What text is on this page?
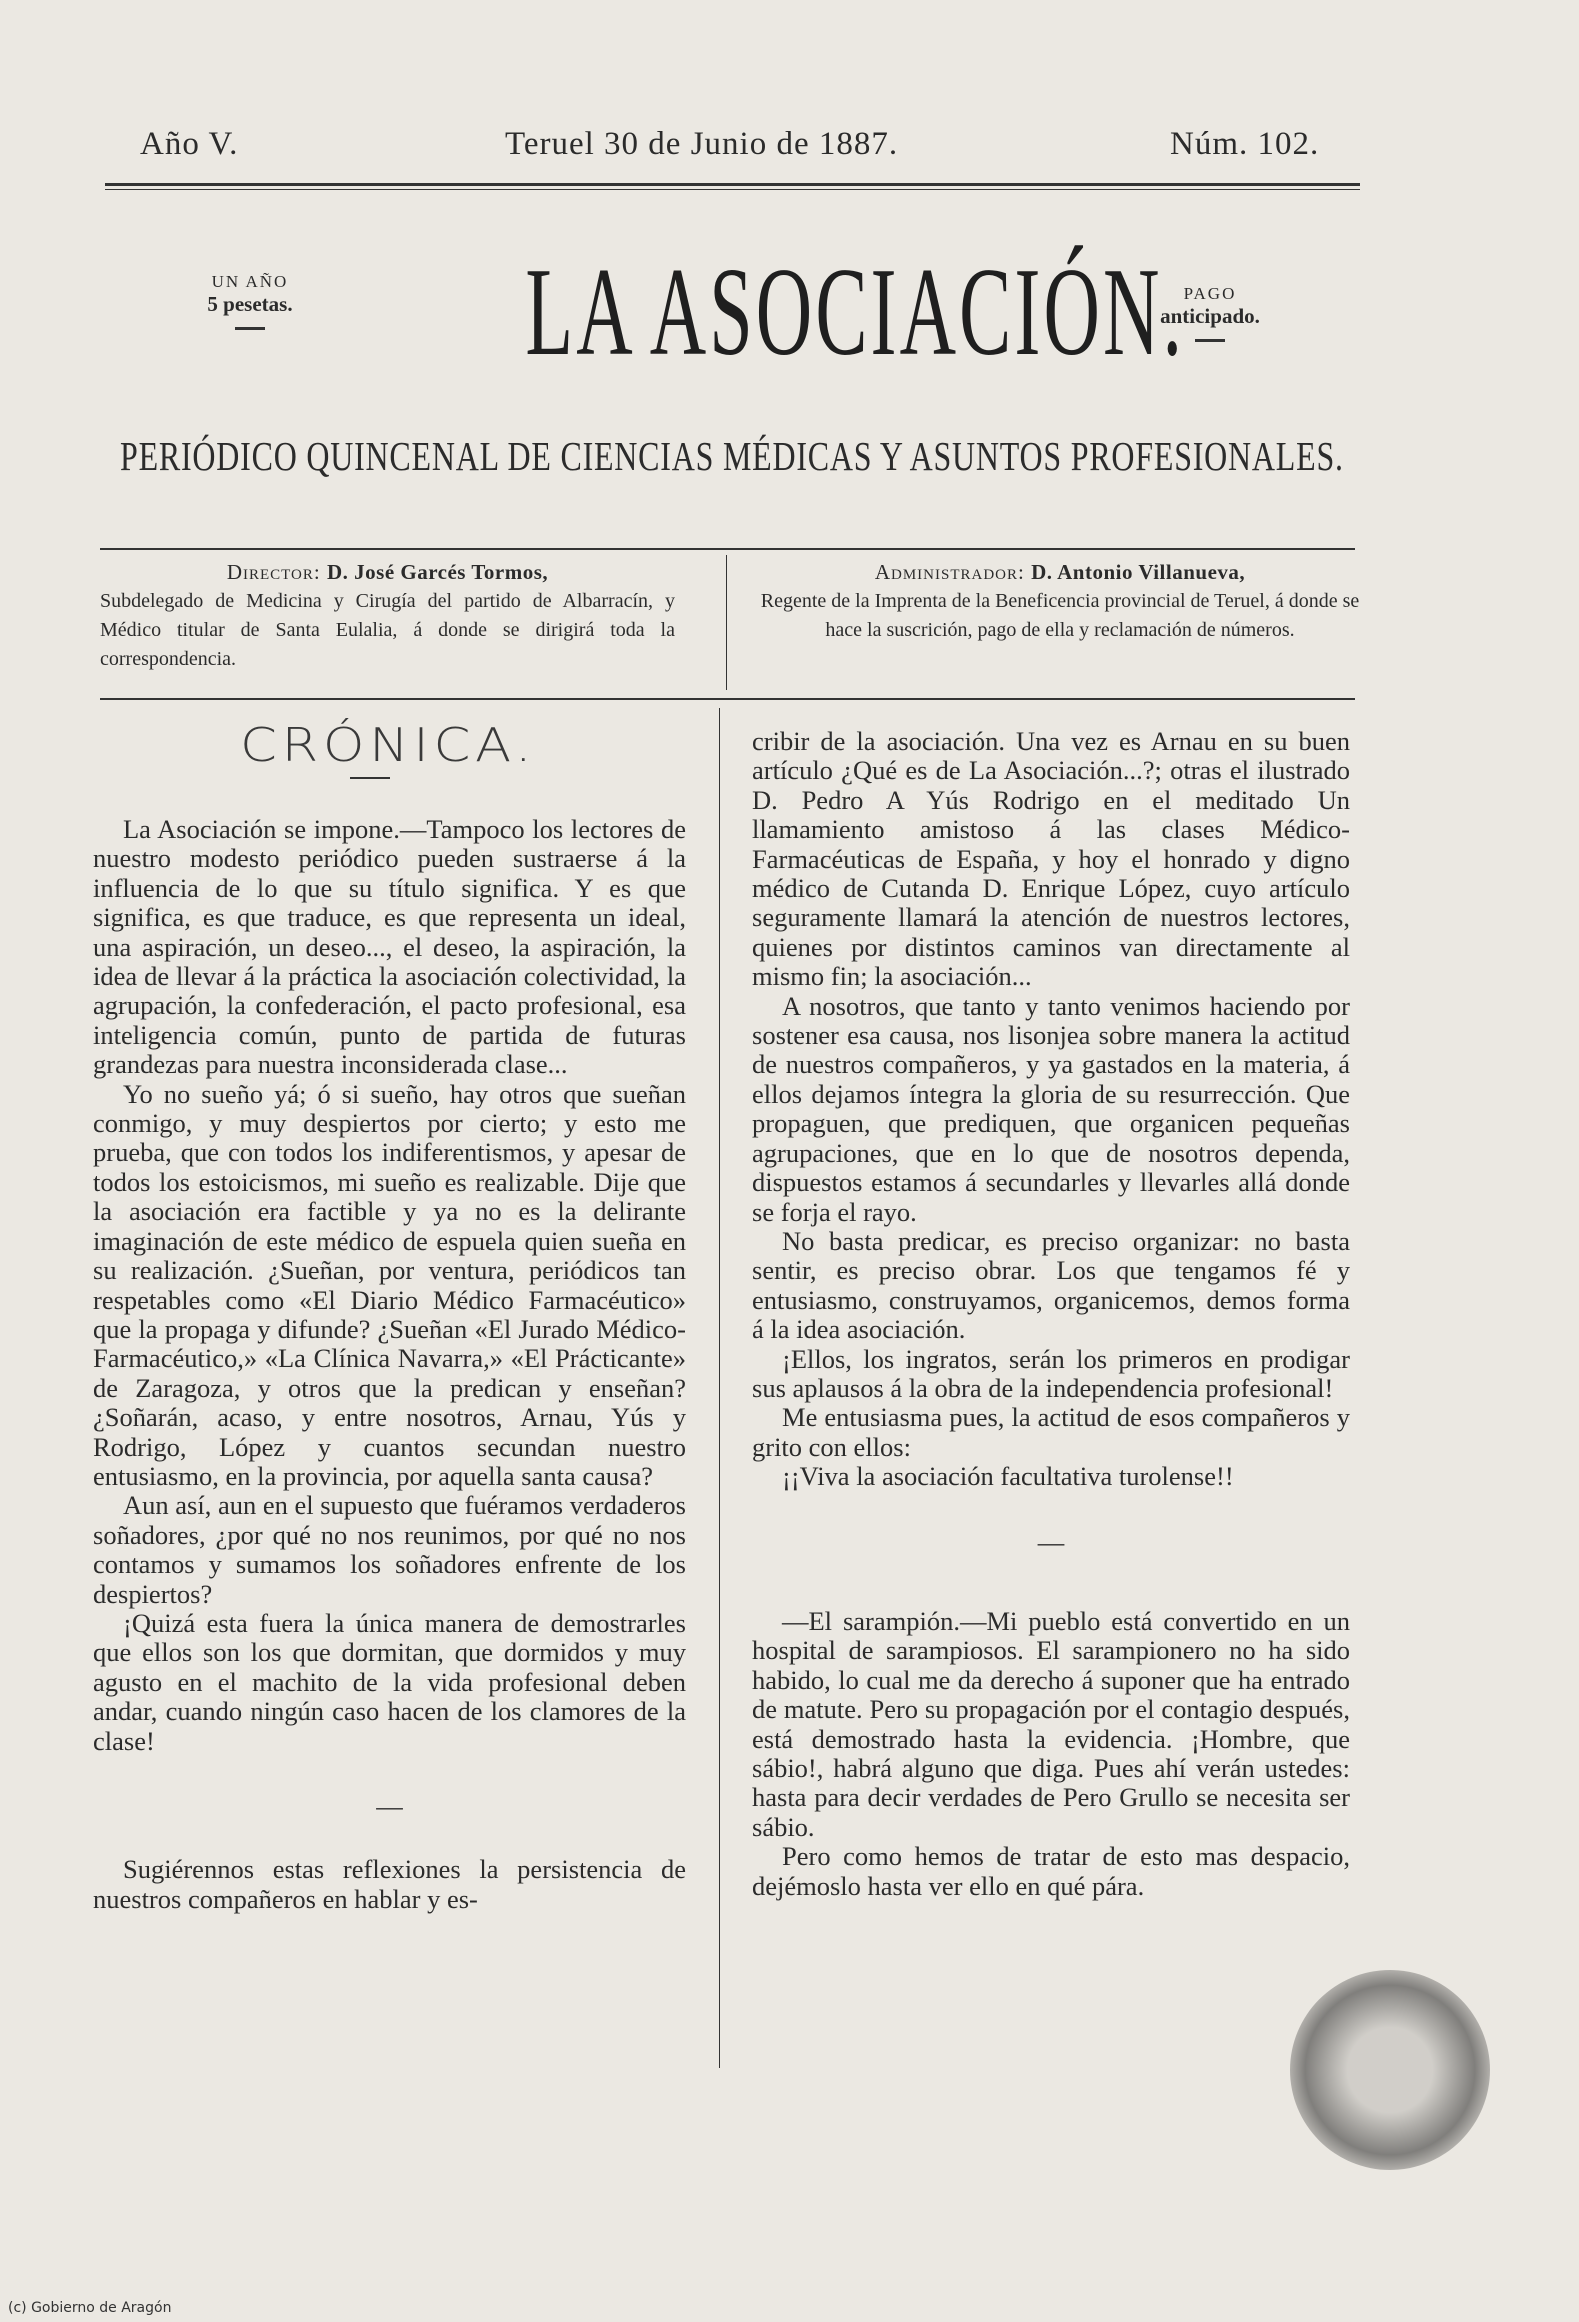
Año V.	Teruel 30 de Junio de 1887.	Núm. 102.
UN AÑO
5 pesetas. LA ASOCIACIÓN.
PAGO
anticipado.
PERIÓDICO QUINCENAL DE CIENCIAS MÉDICAS Y ASUNTOS PROFESIONALES.
Director: D. José Garcés Tormos,
Subdelegado de Medicina y Cirugía del partido de Albarracín, y Médico titular de Santa Eulalia, á donde se dirigirá toda la correspondencia.
Administrador: D. Antonio Villanueva,
Regente de la Imprenta de la Beneficencia provincial de Teruel, á donde se hace la suscrición, pago de ella y reclamación de números.
CRÓNICA.

La Asociación se impone.—Tampoco los lectores de nuestro modesto periódico pueden sustraerse á la influencia de lo que su título significa. Y es que significa, es que traduce, es que representa un ideal, una aspiración, un deseo..., el deseo, la aspiración, la idea de llevar á la práctica la asociación colectividad, la agrupación, la confederación, el pacto profesional, esa inteligencia común, punto de partida de futuras grandezas para nuestra inconsiderada clase...

Yo no sueño yá; ó si sueño, hay otros que sueñan conmigo, y muy despiertos por cierto; y esto me prueba, que con todos los indiferentismos, y apesar de todos los estoicismos, mi sueño es realizable. Dije que la asociación era factible y ya no es la delirante imaginación de este médico de espuela quien sueña en su realización. ¿Sueñan, por ventura, periódicos tan respetables como «El Diario Médico Farmacéutico» que la propaga y difunde? ¿Sueñan «El Jurado Médico-Farmacéutico,» «La Clínica Navarra,» «El Prácticante» de Zaragoza, y otros que la predican y enseñan? ¿Soñarán, acaso, y entre nosotros, Arnau, Yús y Rodrigo, López y cuantos secundan nuestro entusiasmo, en la provincia, por aquella santa causa?

Aun así, aun en el supuesto que fuéramos verdaderos soñadores, ¿por qué no nos reunimos, por qué no nos contamos y sumamos los soñadores enfrente de los despiertos?

¡Quizá esta fuera la única manera de demostrarles que ellos son los que dormitan, que dormidos y muy agusto en el machito de la vida profesional deben andar, cuando ningún caso hacen de los clamores de la clase!

—

Sugiérennos estas reflexiones la persistencia de nuestros compañeros en hablar y es-

cribir de la asociación. Una vez es Arnau en su buen artículo ¿Qué es de La Asociación...?; otras el ilustrado D. Pedro A Yús Rodrigo en el meditado Un llamamiento amistoso á las clases Médico-Farmacéuticas de España, y hoy el honrado y digno médico de Cutanda D. Enrique López, cuyo artículo seguramente llamará la atención de nuestros lectores, quienes por distintos caminos van directamente al mismo fin; la asociación...

A nosotros, que tanto y tanto venimos haciendo por sostener esa causa, nos lisonjea sobre manera la actitud de nuestros compañeros, y ya gastados en la materia, á ellos dejamos íntegra la gloria de su resurrección. Que propaguen, que prediquen, que organicen pequeñas agrupaciones, que en lo que de nosotros dependa, dispuestos estamos á secundarles y llevarles allá donde se forja el rayo.

No basta predicar, es preciso organizar: no basta sentir, es preciso obrar. Los que tengamos fé y entusiasmo, construyamos, organicemos, demos forma á la idea asociación.

¡Ellos, los ingratos, serán los primeros en prodigar sus aplausos á la obra de la independencia profesional!

Me entusiasma pues, la actitud de esos compañeros y grito con ellos:

¡¡Viva la asociación facultativa turolense!!

—

—El sarampión.—Mi pueblo está convertido en un hospital de sarampiosos. El sarampionero no ha sido habido, lo cual me da derecho á suponer que ha entrado de matute. Pero su propagación por el contagio después, está demostrado hasta la evidencia. ¡Hombre, que sábio!, habrá alguno que diga. Pues ahí verán ustedes: hasta para decir verdades de Pero Grullo se necesita ser sábio.

Pero como hemos de tratar de esto mas despacio, dejémoslo hasta ver ello en qué pára.

(c) Gobierno de Aragón
